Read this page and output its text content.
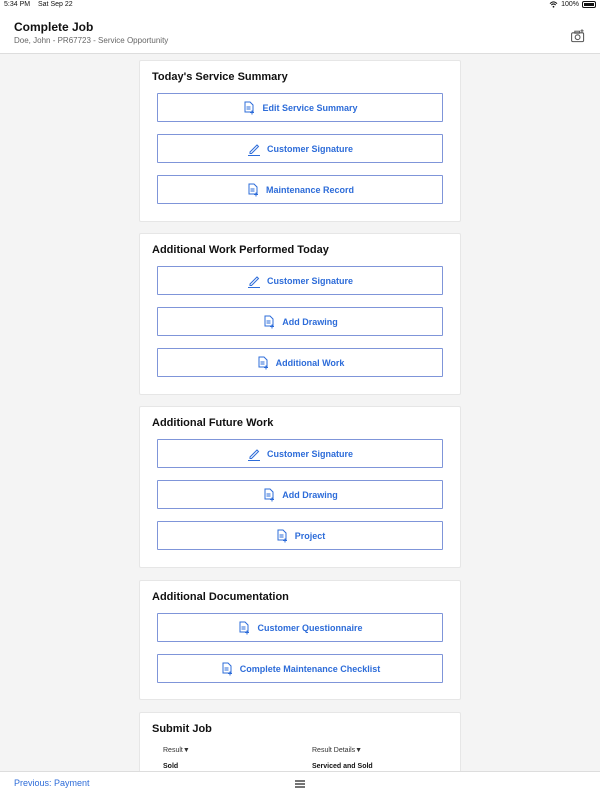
5:34 PM Sat Sep 22	100%
Complete Job
Doe, John - PR67723 - Service Opportunity
Today's Service Summary
Edit Service Summary
Customer Signature
Maintenance Record
Additional Work Performed Today
Customer Signature
Add Drawing
Additional Work
Additional Future Work
Customer Signature
Add Drawing
Project
Additional Documentation
Customer Questionnaire
Complete Maintenance Checklist
Submit Job
Result▼	Result Details▼
Sold	Serviced and Sold
Previous: Payment
